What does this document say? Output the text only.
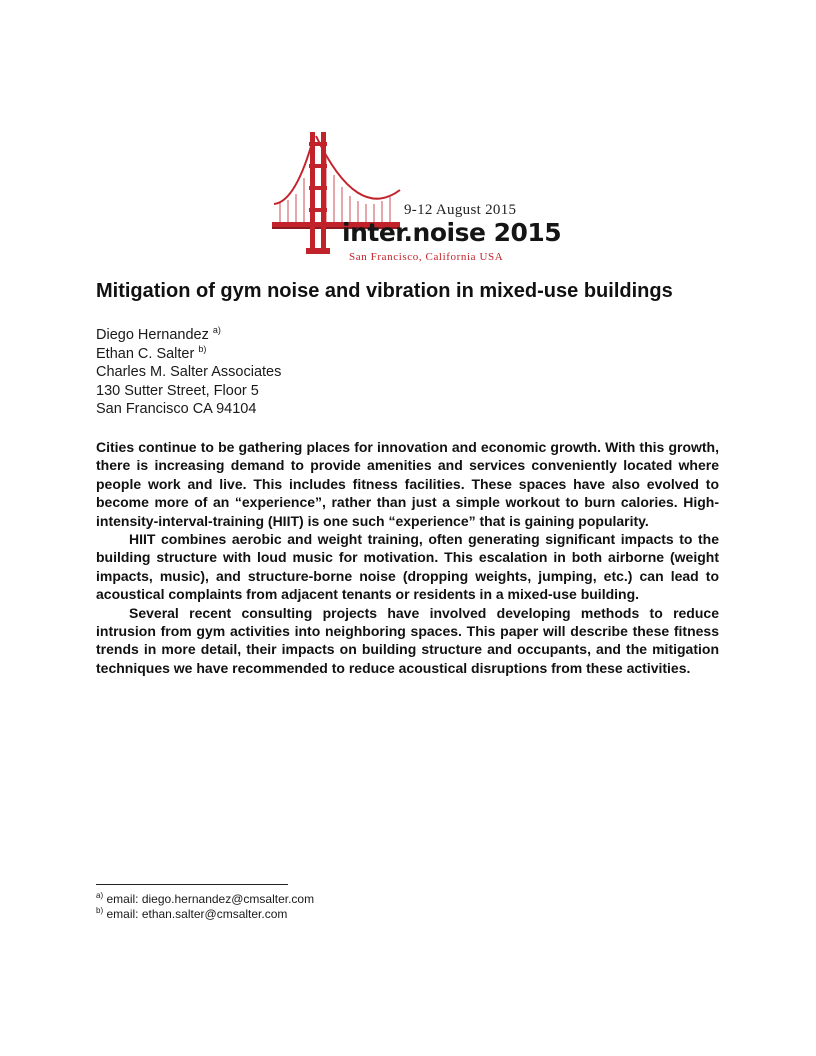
9-12 August 2015
inter.noise 2015
San Francisco, California USA
Mitigation of gym noise and vibration in mixed-use buildings
Diego Hernandez $^{a)}$
Ethan C. Salter $^{b)}$
Charles M. Salter Associates
130 Sutter Street, Floor 5
San Francisco CA 94104

Cities continue to be gathering places for innovation and economic growth. With this growth, there is increasing demand to provide amenities and services conveniently located where people work and live. This includes fitness facilities. These spaces have also evolved to become more of an “experience”, rather than just a simple workout to burn calories. High-intensity-interval-training (HIIT) is one such “experience” that is gaining popularity.

HIIT combines aerobic and weight training, often generating significant impacts to the building structure with loud music for motivation. This escalation in both airborne (weight impacts, music), and structure-borne noise (dropping weights, jumping, etc.) can lead to acoustical complaints from adjacent tenants or residents in a mixed-use building.

Several recent consulting projects have involved developing methods to reduce intrusion from gym activities into neighboring spaces. This paper will describe these fitness trends in more detail, their impacts on building structure and occupants, and the mitigation techniques we have recommended to reduce acoustical disruptions from these activities.

$^{a)}$ email: diego.hernandez@cmsalter.com
$^{b)}$ email: ethan.salter@cmsalter.com
